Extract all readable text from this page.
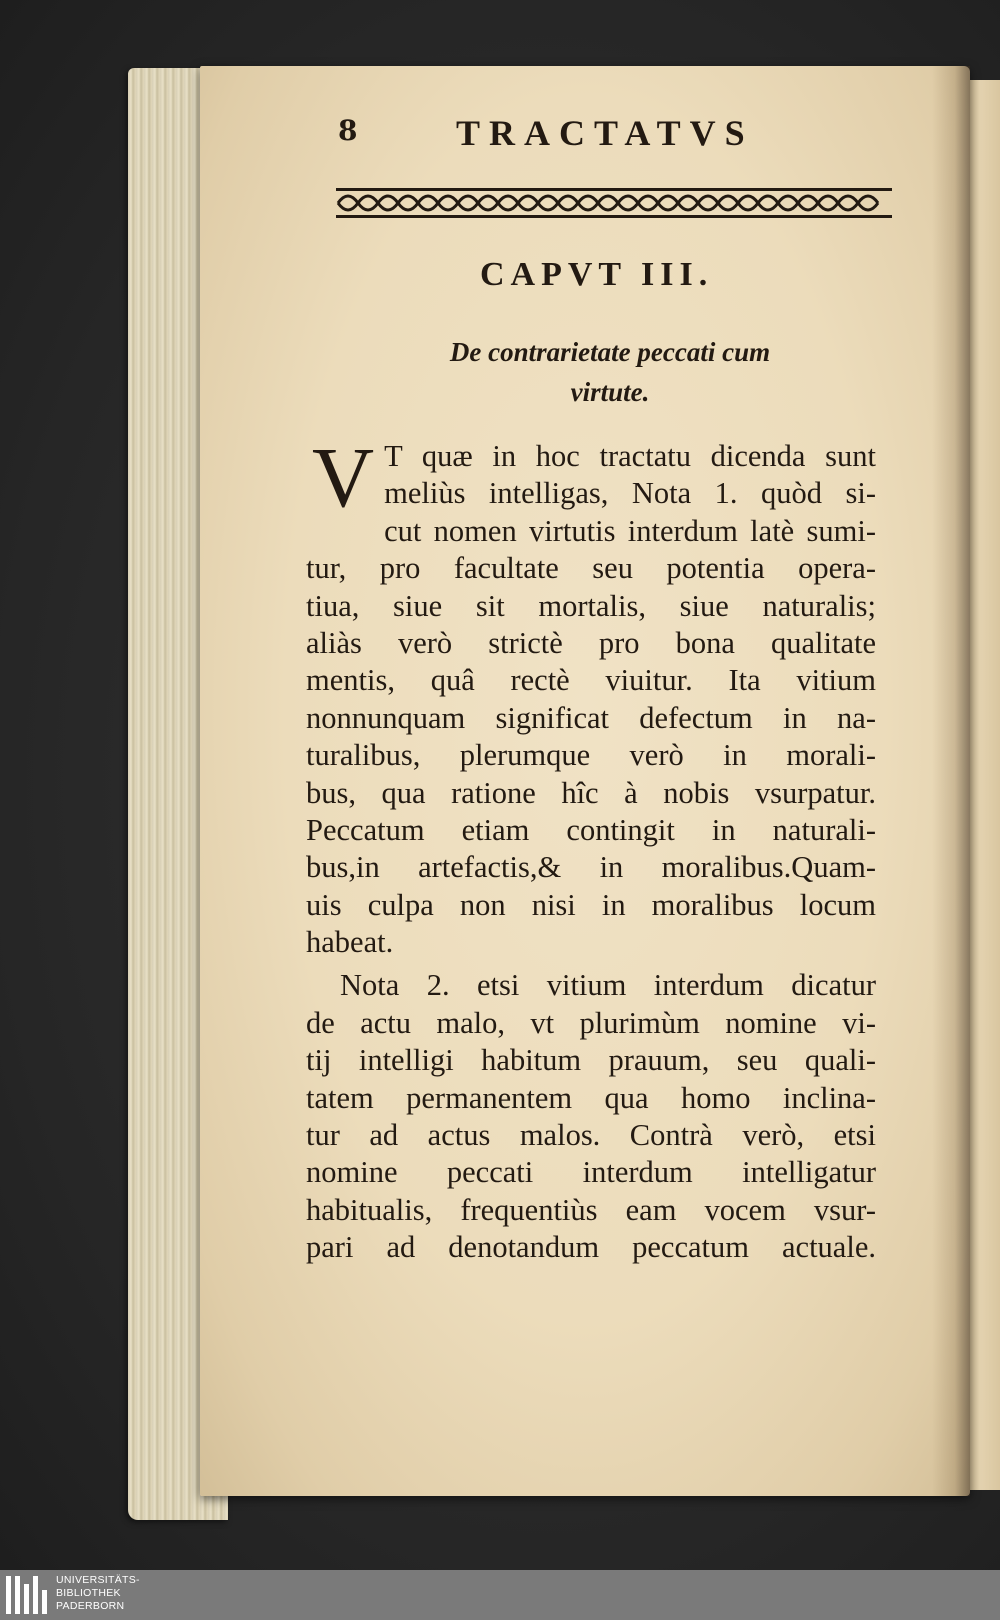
8	TRACTATVS
CAPVT III.
De contrarietate peccati cum
virtute.
V T quæ in hoc tractatu dicenda sunt
meliùs intelligas, Nota 1. quòd si-
cut nomen virtutis interdum latè sumi-
tur, pro facultate seu potentia opera-
tiua, siue sit mortalis, siue naturalis;
aliàs verò strictè pro bona qualitate
mentis, quâ rectè viuitur. Ita vitium
nonnunquam significat defectum in na-
turalibus, plerumque verò in morali-
bus, qua ratione hîc à nobis vsurpatur.
Peccatum etiam contingit in naturali-
bus,in artefactis,& in moralibus.Quam-
uis culpa non nisi in moralibus locum
habeat.
Nota 2. etsi vitium interdum dicatur
de actu malo, vt plurimùm nomine vi-
tij intelligi habitum prauum, seu quali-
tatem permanentem qua homo inclina-
tur ad actus malos. Contrà verò, etsi
nomine peccati interdum intelligatur
habitualis, frequentiùs eam vocem vsur-
pari ad denotandum peccatum actuale.
UNIVERSITÄTS-
BIBLIOTHEK
PADERBORN
